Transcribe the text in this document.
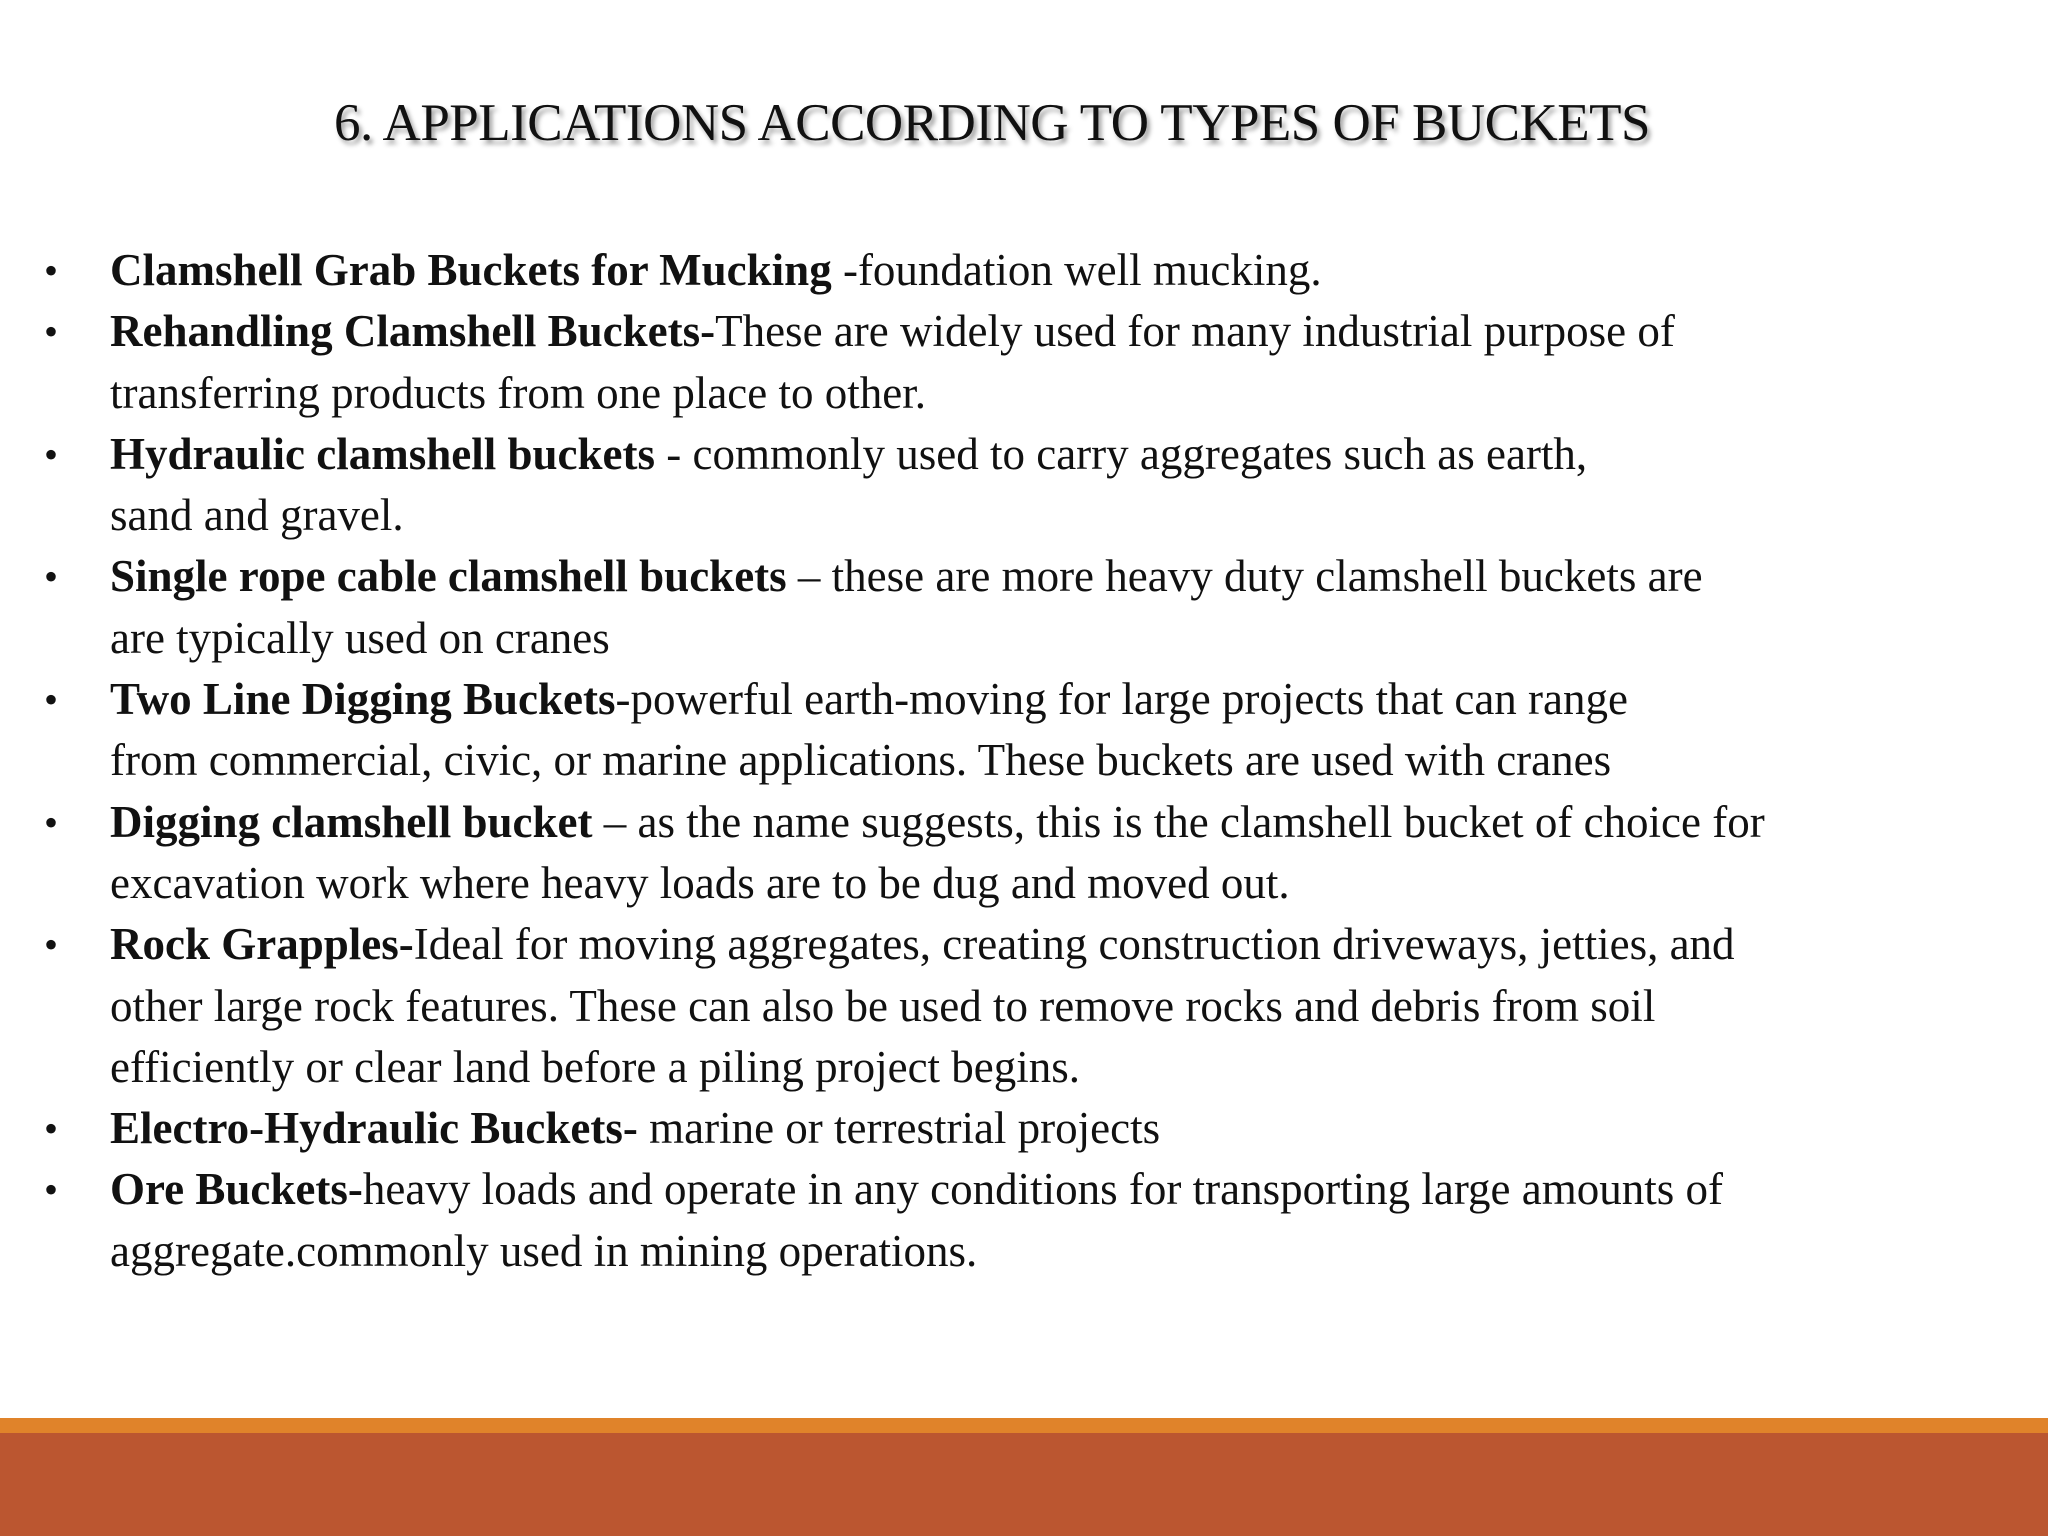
6. APPLICATIONS ACCORDING TO TYPES OF BUCKETS
• Clamshell Grab Buckets for Mucking -foundation well mucking.
• Rehandling Clamshell Buckets-These are widely used for many industrial purpose of
transferring products from one place to other.
• Hydraulic clamshell buckets - commonly used to carry aggregates such as earth,
sand and gravel.
• Single rope cable clamshell buckets – these are more heavy duty clamshell buckets are
are typically used on cranes
• Two Line Digging Buckets-powerful earth-moving for large projects that can range
from commercial, civic, or marine applications. These buckets are used with cranes
• Digging clamshell bucket – as the name suggests, this is the clamshell bucket of choice for
excavation work where heavy loads are to be dug and moved out.
• Rock Grapples-Ideal for moving aggregates, creating construction driveways, jetties, and
other large rock features. These can also be used to remove rocks and debris from soil
efficiently or clear land before a piling project begins.
• Electro-Hydraulic Buckets- marine or terrestrial projects
• Ore Buckets-heavy loads and operate in any conditions for transporting large amounts of
aggregate.commonly used in mining operations.
